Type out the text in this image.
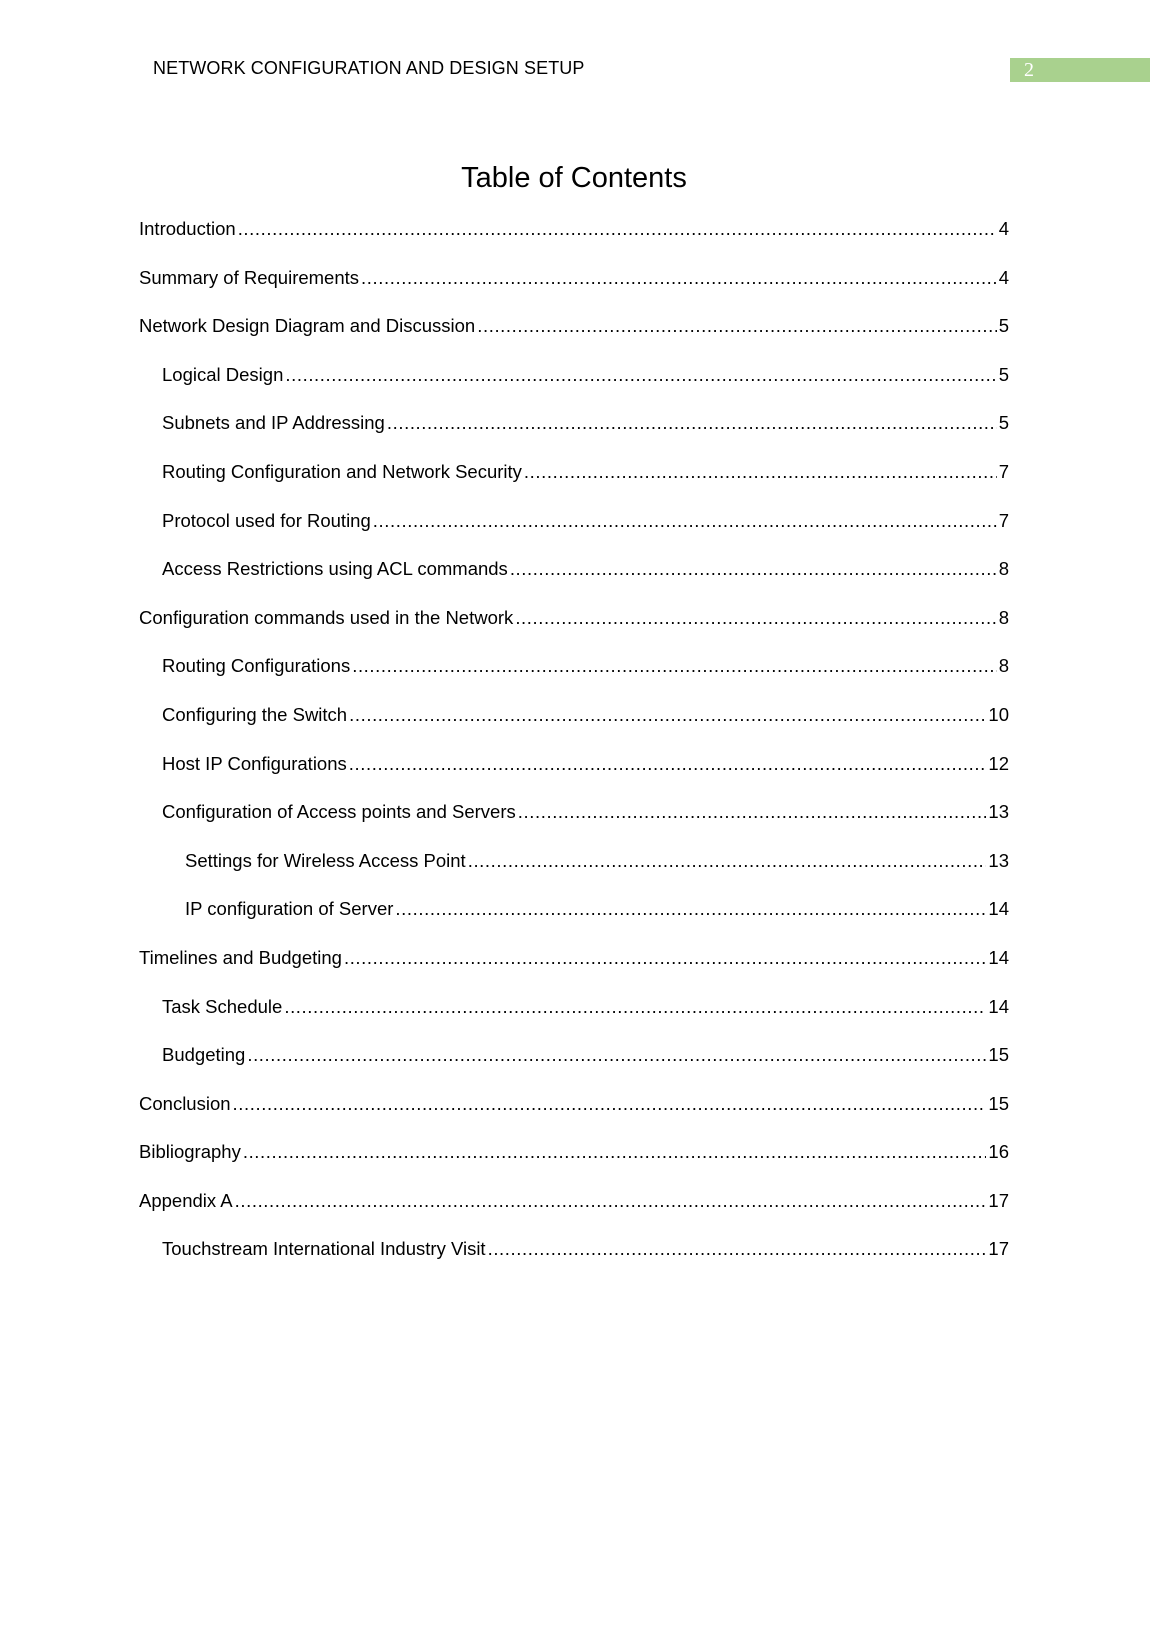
NETWORK CONFIGURATION AND DESIGN SETUP	2
Table of Contents
Introduction .....	4
Summary of Requirements .....	4
Network Design Diagram and Discussion .....	5
Logical Design .....	5
Subnets and IP Addressing .....	5
Routing Configuration and Network Security .....	7
Protocol used for Routing .....	7
Access Restrictions using ACL commands .....	8
Configuration commands used in the Network .....	8
Routing Configurations .....	8
Configuring the Switch .....	10
Host IP Configurations .....	12
Configuration of Access points and Servers .....	13
Settings for Wireless Access Point .....	13
IP configuration of Server .....	14
Timelines and Budgeting .....	14
Task Schedule .....	14
Budgeting .....	15
Conclusion .....	15
Bibliography .....	16
Appendix A .....	17
Touchstream International Industry Visit .....	17
